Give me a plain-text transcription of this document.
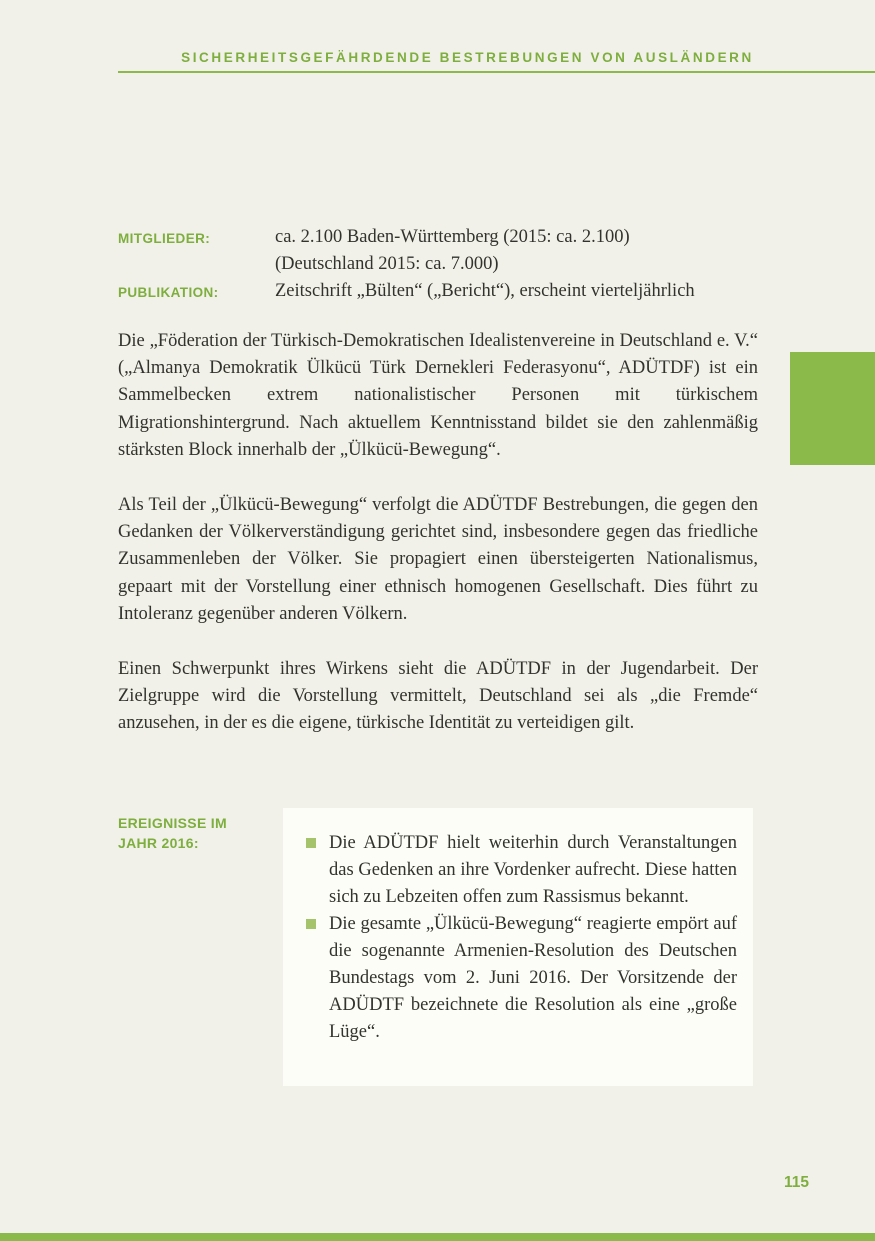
SICHERHEITSGEFÄHRDENDE BESTREBUNGEN VON AUSLÄNDERN
MITGLIEDER:	ca. 2.100 Baden-Württemberg (2015: ca. 2.100)
(Deutschland 2015: ca. 7.000)
PUBLIKATION:	Zeitschrift „Bülten“ („Bericht“), erscheint vierteljährlich

Die „Föderation der Türkisch-Demokratischen Idealistenvereine in Deutschland e. V.“ („Almanya Demokratik Ülkücü Türk Dernekleri Federasyonu“, ADÜTDF) ist ein Sammelbecken extrem nationalistischer Personen mit türkischem Migrationshintergrund. Nach aktuellem Kenntnisstand bildet sie den zahlenmäßig stärksten Block innerhalb der „Ülkücü-Bewegung“.

Als Teil der „Ülkücü-Bewegung“ verfolgt die ADÜTDF Bestrebungen, die gegen den Gedanken der Völkerverständigung gerichtet sind, insbesondere gegen das friedliche Zusammenleben der Völker. Sie propagiert einen übersteigerten Nationalismus, gepaart mit der Vorstellung einer ethnisch homogenen Gesellschaft. Dies führt zu Intoleranz gegenüber anderen Völkern.

Einen Schwerpunkt ihres Wirkens sieht die ADÜTDF in der Jugendarbeit. Der Zielgruppe wird die Vorstellung vermittelt, Deutschland sei als „die Fremde“ anzusehen, in der es die eigene, türkische Identität zu verteidigen gilt.

EREIGNISSE IM
JAHR 2016:	Die ADÜTDF hielt weiterhin durch Veranstaltungen das Gedenken an ihre Vordenker aufrecht. Diese hatten sich zu Lebzeiten offen zum Rassismus bekannt.
Die gesamte „Ülkücü-Bewegung“ reagierte empört auf die sogenannte Armenien-Resolution des Deutschen Bundestags vom 2. Juni 2016. Der Vorsitzende der ADÜDTF bezeichnete die Resolution als eine „große Lüge“.
115
